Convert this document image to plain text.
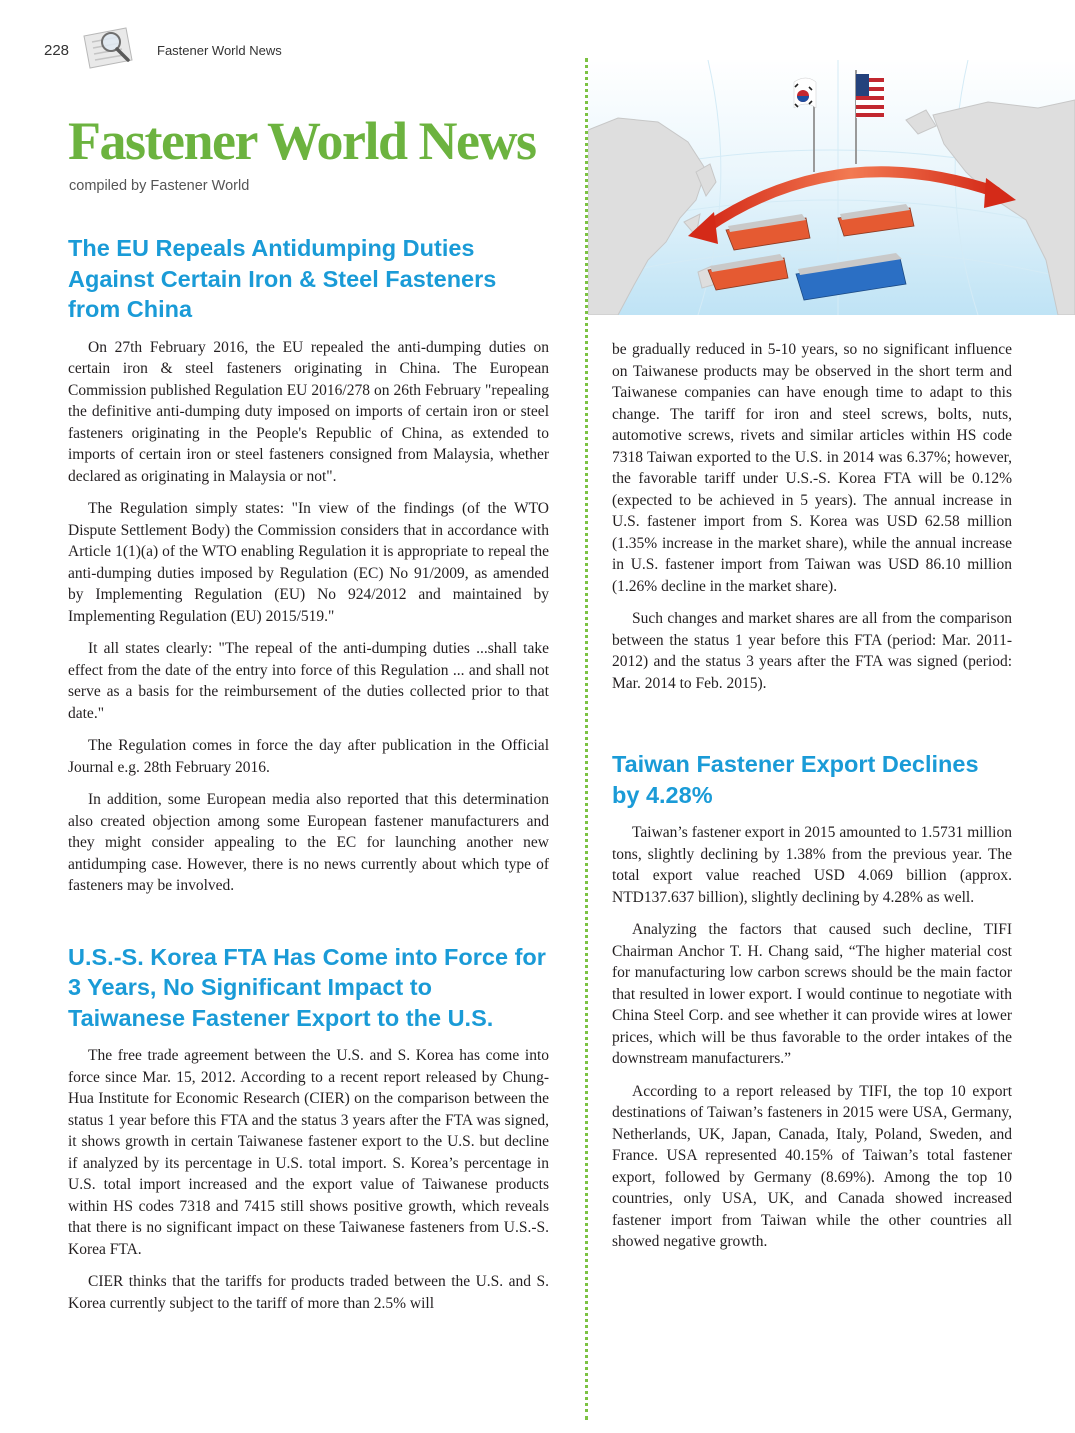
228	Fastener World News
Fastener World News
compiled by Fastener World
The EU Repeals Antidumping Duties Against Certain Iron & Steel Fasteners from China

On 27th February 2016, the EU repealed the anti-dumping duties on certain iron & steel fasteners originating in China. The European Commission published Regulation EU 2016/278 on 26th February "repealing the definitive anti-dumping duty imposed on imports of certain iron or steel fasteners originating in the People's Republic of China, as extended to imports of certain iron or steel fasteners consigned from Malaysia, whether declared as originating in Malaysia or not".

The Regulation simply states: "In view of the findings (of the WTO Dispute Settlement Body) the Commission considers that in accordance with Article 1(1)(a) of the WTO enabling Regulation it is appropriate to repeal the anti-dumping duties imposed by Regulation (EC) No 91/2009, as amended by Implementing Regulation (EU) No 924/2012 and maintained by Implementing Regulation (EU) 2015/519."

It all states clearly: "The repeal of the anti-dumping duties ...shall take effect from the date of the entry into force of this Regulation ... and shall not serve as a basis for the reimbursement of the duties collected prior to that date."

The Regulation comes in force the day after publication in the Official Journal e.g. 28th February 2016.

In addition, some European media also reported that this determination also created objection among some European fastener manufacturers and they might consider appealing to the EC for launching another new antidumping case. However, there is no news currently about which type of fasteners may be involved.

U.S.-S. Korea FTA Has Come into Force for 3 Years, No Significant Impact to Taiwanese Fastener Export to the U.S.

The free trade agreement between the U.S. and S. Korea has come into force since Mar. 15, 2012. According to a recent report released by Chung-Hua Institute for Economic Research (CIER) on the comparison between the status 1 year before this FTA and the status 3 years after the FTA was signed, it shows growth in certain Taiwanese fastener export to the U.S. but decline if analyzed by its percentage in U.S. total import. S. Korea’s percentage in U.S. total import increased and the export value of Taiwanese products within HS codes 7318 and 7415 still shows positive growth, which reveals that there is no significant impact on these Taiwanese fasteners from U.S.-S. Korea FTA.

CIER thinks that the tariffs for products traded between the U.S. and S. Korea currently subject to the tariff of more than 2.5% will

be gradually reduced in 5-10 years, so no significant influence on Taiwanese products may be observed in the short term and Taiwanese companies can have enough time to adapt to this change. The tariff for iron and steel screws, bolts, nuts, automotive screws, rivets and similar articles within HS code 7318 Taiwan exported to the U.S. in 2014 was 6.37%; however, the favorable tariff under U.S.-S. Korea FTA will be 0.12% (expected to be achieved in 5 years). The annual increase in U.S. fastener import from S. Korea was USD 62.58 million (1.35% increase in the market share), while the annual increase in U.S. fastener import from Taiwan was USD 86.10 million (1.26% decline in the market share).

Such changes and market shares are all from the comparison between the status 1 year before this FTA (period: Mar. 2011-2012) and the status 3 years after the FTA was signed (period: Mar. 2014 to Feb. 2015).

Taiwan Fastener Export Declines by 4.28%

Taiwan’s fastener export in 2015 amounted to 1.5731 million tons, slightly declining by 1.38% from the previous year. The total export value reached USD 4.069 billion (approx. NTD137.637 billion), slightly declining by 4.28% as well.

Analyzing the factors that caused such decline, TIFI Chairman Anchor T. H. Chang said, “The higher material cost for manufacturing low carbon screws should be the main factor that resulted in lower export. I would continue to negotiate with China Steel Corp. and see whether it can provide wires at lower prices, which will be thus favorable to the order intakes of the downstream manufacturers.”

According to a report released by TIFI, the top 10 export destinations of Taiwan’s fasteners in 2015 were USA, Germany, Netherlands, UK, Japan, Canada, Italy, Poland, Sweden, and France. USA represented 40.15% of Taiwan’s total fastener export, followed by Germany (8.69%). Among the top 10 countries, only USA, UK, and Canada showed increased fastener import from Taiwan while the other countries all showed negative growth.
